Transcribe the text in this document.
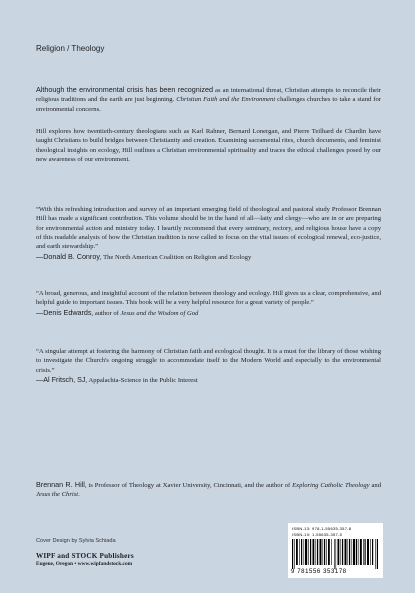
Religion / Theology

Although the environmental crisis has been recognized as an international threat, Christian attempts to reconcile their religious traditions and the earth are just beginning. Christian Faith and the Environment challenges churches to take a stand for environmental concerns.

Hill explores how twentieth-century theologians such as Karl Rahner, Bernard Lonergan, and Pierre Teilhard de Chardin have taught Christians to build bridges between Christianity and creation. Examining sacramental rites, church documents, and feminist theological insights on ecology, Hill outlines a Christian environmental spirituality and traces the ethical challenges posed by our new awareness of our environment.

“With this refreshing introduction and survey of an important emerging field of theological and pastoral study Professor Brennan Hill has made a significant contribution. This volume should be in the hand of all—laity and clergy—who are in or are preparing for environmental action and ministry today. I heartily recommend that every seminary, rectory, and religious house have a copy of this readable analysis of how the Christian tradition is now called to focus on the vital issues of ecological renewal, eco-justice, and earth stewardship.”

—Donald B. Conroy, The North American Coalition on Religion and Ecology

“A broad, generous, and insightful account of the relation between theology and ecology. Hill gives us a clear, comprehensive, and helpful guide to important issues. This book will be a very helpful resource for a great variety of people.”

—Denis Edwards, author of Jesus and the Wisdom of God

“A singular attempt at fostering the harmony of Christian faith and ecological thought. It is a must for the library of those wishing to investigate the Church's ongoing struggle to accommodate itself to the Modern World and especially to the environmental crisis.”

—Al Fritsch, SJ, Appalachia-Science in the Public Interest

Brennan R. Hill, is Professor of Theology at Xavier University, Cincinnati, and the author of Exploring Catholic Theology and Jesus the Christ.

Cover Design by Sylvia Schiada
WIPF and STOCK Publishers
Eugene, Oregon • www.wipfandstock.com
ISBN-13: 978-1-55635-357-8
ISBN-10: 1-55635-357-5
9 781556 353178
